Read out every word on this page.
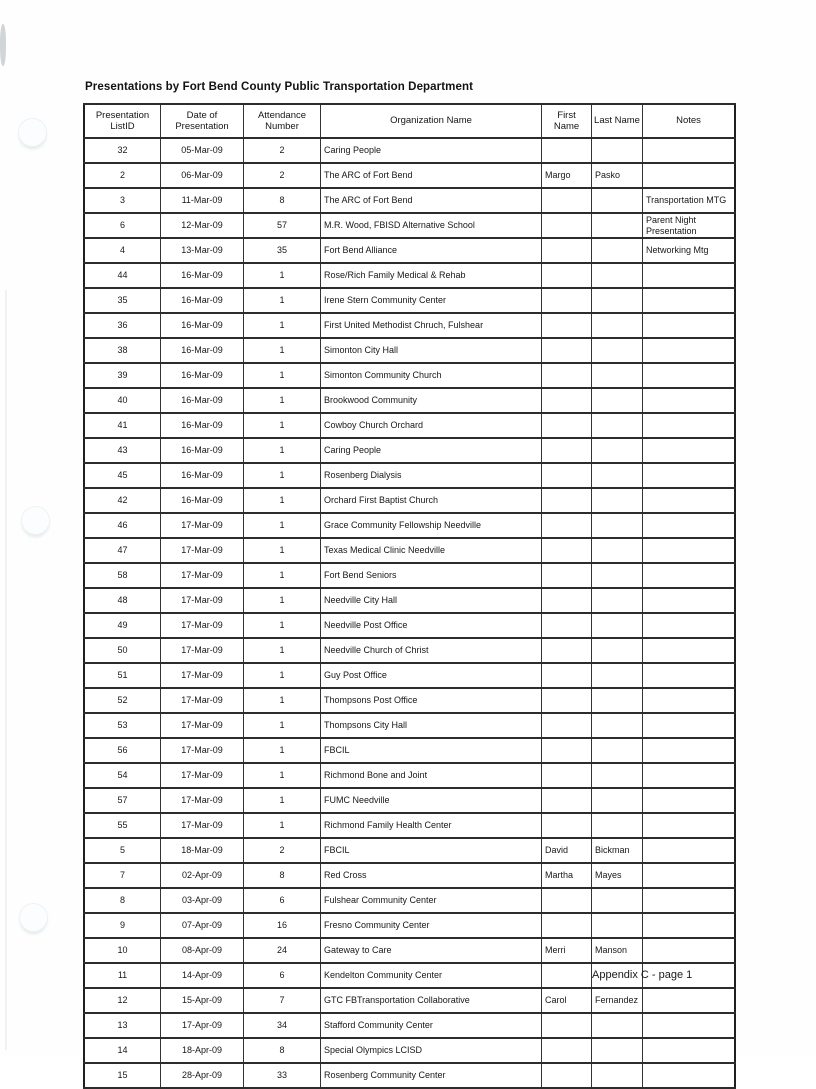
Presentations by Fort Bend County Public Transportation Department
Presentation ListID	Date of Presentation	Attendance Number	Organization Name	First Name	Last Name	Notes
32	05-Mar-09	2	Caring People			
2	06-Mar-09	2	The ARC of Fort Bend	Margo	Pasko	
3	11-Mar-09	8	The ARC of Fort Bend			Transportation MTG
6	12-Mar-09	57	M.R. Wood, FBISD Alternative School			Parent Night Presentation
4	13-Mar-09	35	Fort Bend Alliance			Networking Mtg
44	16-Mar-09	1	Rose/Rich Family Medical & Rehab			
35	16-Mar-09	1	Irene Stern Community Center			
36	16-Mar-09	1	First United Methodist Chruch, Fulshear			
38	16-Mar-09	1	Simonton City Hall			
39	16-Mar-09	1	Simonton Community Church			
40	16-Mar-09	1	Brookwood Community			
41	16-Mar-09	1	Cowboy Church Orchard			
43	16-Mar-09	1	Caring People			
45	16-Mar-09	1	Rosenberg Dialysis			
42	16-Mar-09	1	Orchard First Baptist Church			
46	17-Mar-09	1	Grace Community Fellowship Needville			
47	17-Mar-09	1	Texas Medical Clinic Needville			
58	17-Mar-09	1	Fort Bend Seniors			
48	17-Mar-09	1	Needville City Hall			
49	17-Mar-09	1	Needville Post Office			
50	17-Mar-09	1	Needville Church of Christ			
51	17-Mar-09	1	Guy Post Office			
52	17-Mar-09	1	Thompsons Post Office			
53	17-Mar-09	1	Thompsons City Hall			
56	17-Mar-09	1	FBCIL			
54	17-Mar-09	1	Richmond Bone and Joint			
57	17-Mar-09	1	FUMC Needville			
55	17-Mar-09	1	Richmond Family Health Center			
5	18-Mar-09	2	FBCIL	David	Bickman	
7	02-Apr-09	8	Red Cross	Martha	Mayes	
8	03-Apr-09	6	Fulshear Community Center			
9	07-Apr-09	16	Fresno Community Center			
10	08-Apr-09	24	Gateway to Care	Merri	Manson	
11	14-Apr-09	6	Kendelton Community Center			
12	15-Apr-09	7	GTC FBTransportation Collaborative	Carol	Fernandez	
13	17-Apr-09	34	Stafford Community Center			
14	18-Apr-09	8	Special Olympics LCISD			
15	28-Apr-09	33	Rosenberg Community Center			
Appendix C - page 1
